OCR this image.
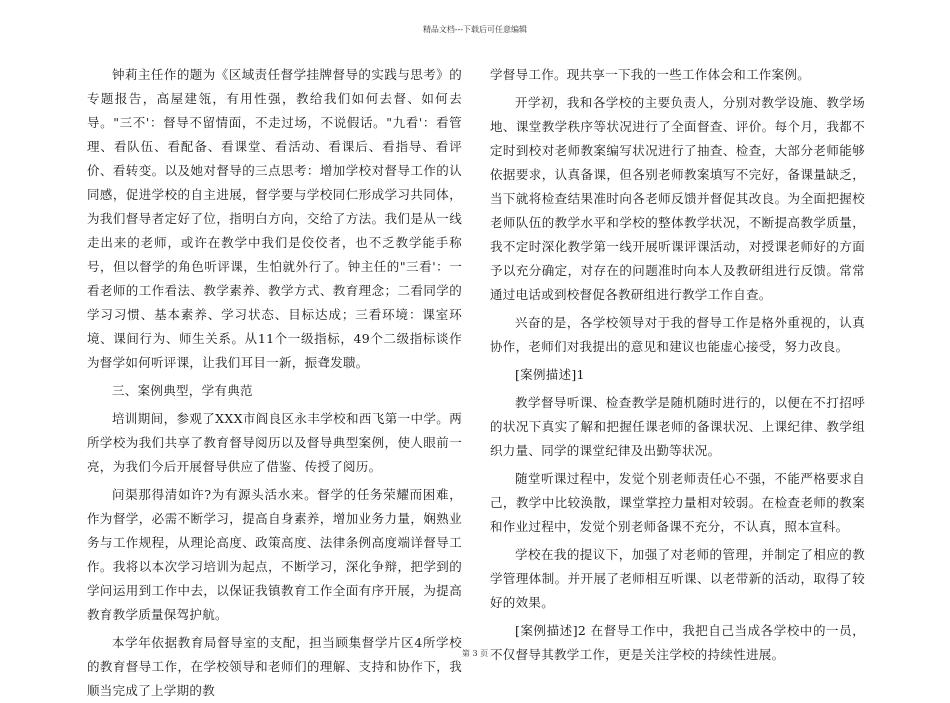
精品文档---下载后可任意编辑

钟莉主任作的题为《区域责任督学挂牌督导的实践与思考》的专题报告，高屋建瓴，有用性强，教给我们如何去督、如何去导。"三不'：督导不留情面，不走过场，不说假话。"九看'：看管理、看队伍、看配备、看课堂、看活动、看课后、看指导、看评价、看转变。以及她对督导的三点思考：增加学校对督导工作的认同感，促进学校的自主进展，督学要与学校同仁形成学习共同体，为我们督导者定好了位，指明白方向，交给了方法。我们是从一线走出来的老师，或许在教学中我们是佼佼者，也不乏教学能手称号，但以督学的角色听评课，生怕就外行了。钟主任的"三看'：一看老师的工作看法、教学素养、教学方式、教育理念；二看同学的学习习惯、基本素养、学习状态、目标达成；三看环境：课室环境、课间行为、师生关系。从11个一级指标，49个二级指标谈作为督学如何听评课，让我们耳目一新，振聋发聩。

三、案例典型，学有典范

培训期间，参观了XXX市阎良区永丰学校和西飞第一中学。两所学校为我们共享了教育督导阅历以及督导典型案例，使人眼前一亮，为我们今后开展督导供应了借鉴、传授了阅历。

问渠那得清如许?为有源头活水来。督学的任务荣耀而困难，作为督学，必需不断学习，提高自身素养，增加业务力量，娴熟业务与工作规程，从理论高度、政策高度、法律条例高度端详督导工作。我将以本次学习培训为起点，不断学习，深化争辩，把学到的学问运用到工作中去，以保证我镇教育工作全面有序开展，为提高教育教学质量保驾护航。

本学年依据教育局督导室的支配，担当顾集督学片区4所学校的教育督导工作，在学校领导和老师们的理解、支持和协作下，我顺当完成了上学期的教

学督导工作。现共享一下我的一些工作体会和工作案例。

开学初，我和各学校的主要负责人，分别对教学设施、教学场地、课堂教学秩序等状况进行了全面督查、评价。每个月，我都不定时到校对老师教案编写状况进行了抽查、检查，大部分老师能够依据要求，认真备课，但各别老师教案填写不完好，备课量缺乏，当下就将检查结果准时向各老师反馈并督促其改良。为全面把握校老师队伍的教学水平和学校的整体教学状况，不断提高教学质量，我不定时深化教学第一线开展听课评课活动，对授课老师好的方面予以充分确定，对存在的问题准时向本人及教研组进行反馈。常常通过电话或到校督促各教研组进行教学工作自查。

兴奋的是，各学校领导对于我的督导工作是格外重视的，认真协作，老师们对我提出的意见和建议也能虚心接受，努力改良。

[案例描述]1

教学督导听课、检查教学是随机随时进行的，以便在不打招呼的状况下真实了解和把握任课老师的备课状况、上课纪律、教学组织力量、同学的课堂纪律及出勤等状况。

随堂听课过程中，发觉个别老师责任心不强，不能严格要求自己，教学中比较涣散，课堂掌控力量相对较弱。在检查老师的教案和作业过程中，发觉个别老师备课不充分，不认真，照本宣科。

学校在我的提议下，加强了对老师的管理，并制定了相应的教学管理体制。并开展了老师相互听课、以老带新的活动，取得了较好的效果。

[案例描述]2 在督导工作中，我把自己当成各学校中的一员，不仅督导其教学工作，更是关注学校的持续性进展。

第 3 页
